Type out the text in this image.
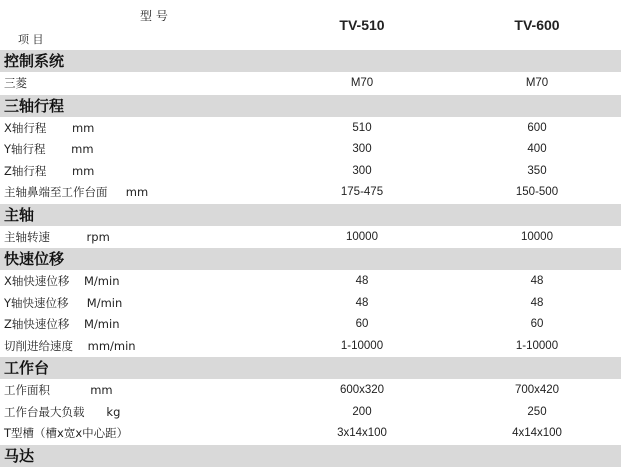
型 号
项 目
TV-510	TV-600
控制系统
三菱	M70	M70
三轴行程
X轴行程       mm	510	600
Y轴行程       mm	300	400
Z轴行程       mm	300	350
主轴鼻端至工作台面     mm	175-475	150-500
主轴
主轴转速          rpm	10000	10000
快速位移
X轴快速位移    M/min	48	48
Y轴快速位移     M/min	48	48
Z轴快速位移    M/min	60	60
切削进给速度    mm/min	1-10000	1-10000
工作台
工作面积           mm	600x320	700x420
工作台最大负载      kg	200	250
T型槽（槽x宽x中心距）	3x14x100	4x14x100
马达
